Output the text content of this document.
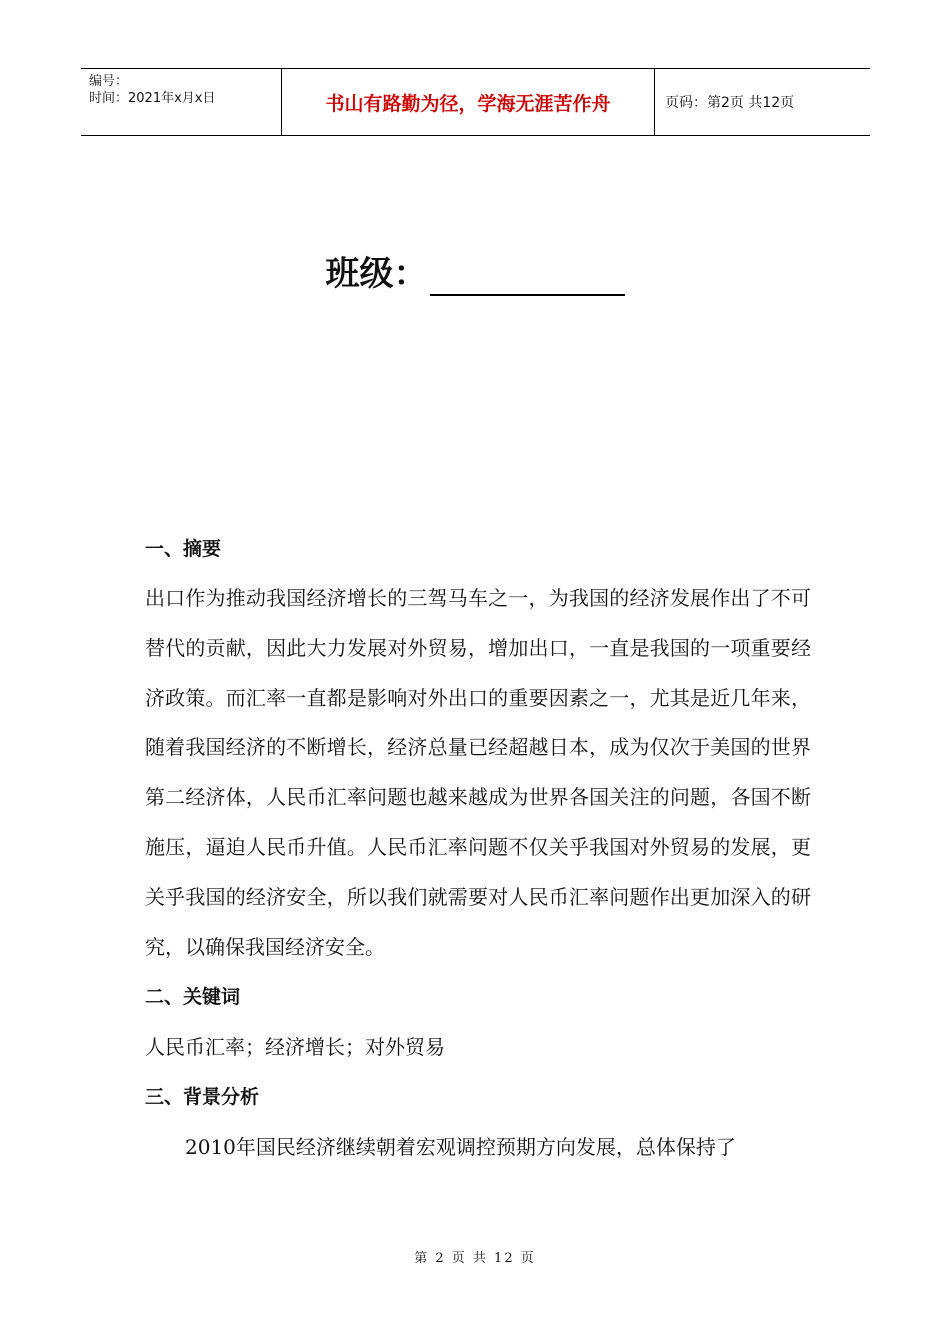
编号：
时间：2021年x月x日	书山有路勤为径，学海无涯苦作舟	页码：第2页 共12页
班级：
一、摘要

出口作为推动我国经济增长的三驾马车之一，为我国的经济发展作出了不可替代的贡献，因此大力发展对外贸易，增加出口，一直是我国的一项重要经济政策。而汇率一直都是影响对外出口的重要因素之一，尤其是近几年来，随着我国经济的不断增长，经济总量已经超越日本，成为仅次于美国的世界第二经济体，人民币汇率问题也越来越成为世界各国关注的问题，各国不断施压，逼迫人民币升值。人民币汇率问题不仅关乎我国对外贸易的发展，更关乎我国的经济安全，所以我们就需要对人民币汇率问题作出更加深入的研究，以确保我国经济安全。

二、关键词
人民币汇率；经济增长；对外贸易
三、背景分析
2010年国民经济继续朝着宏观调控预期方向发展，总体保持了
第 2 页 共 12 页
